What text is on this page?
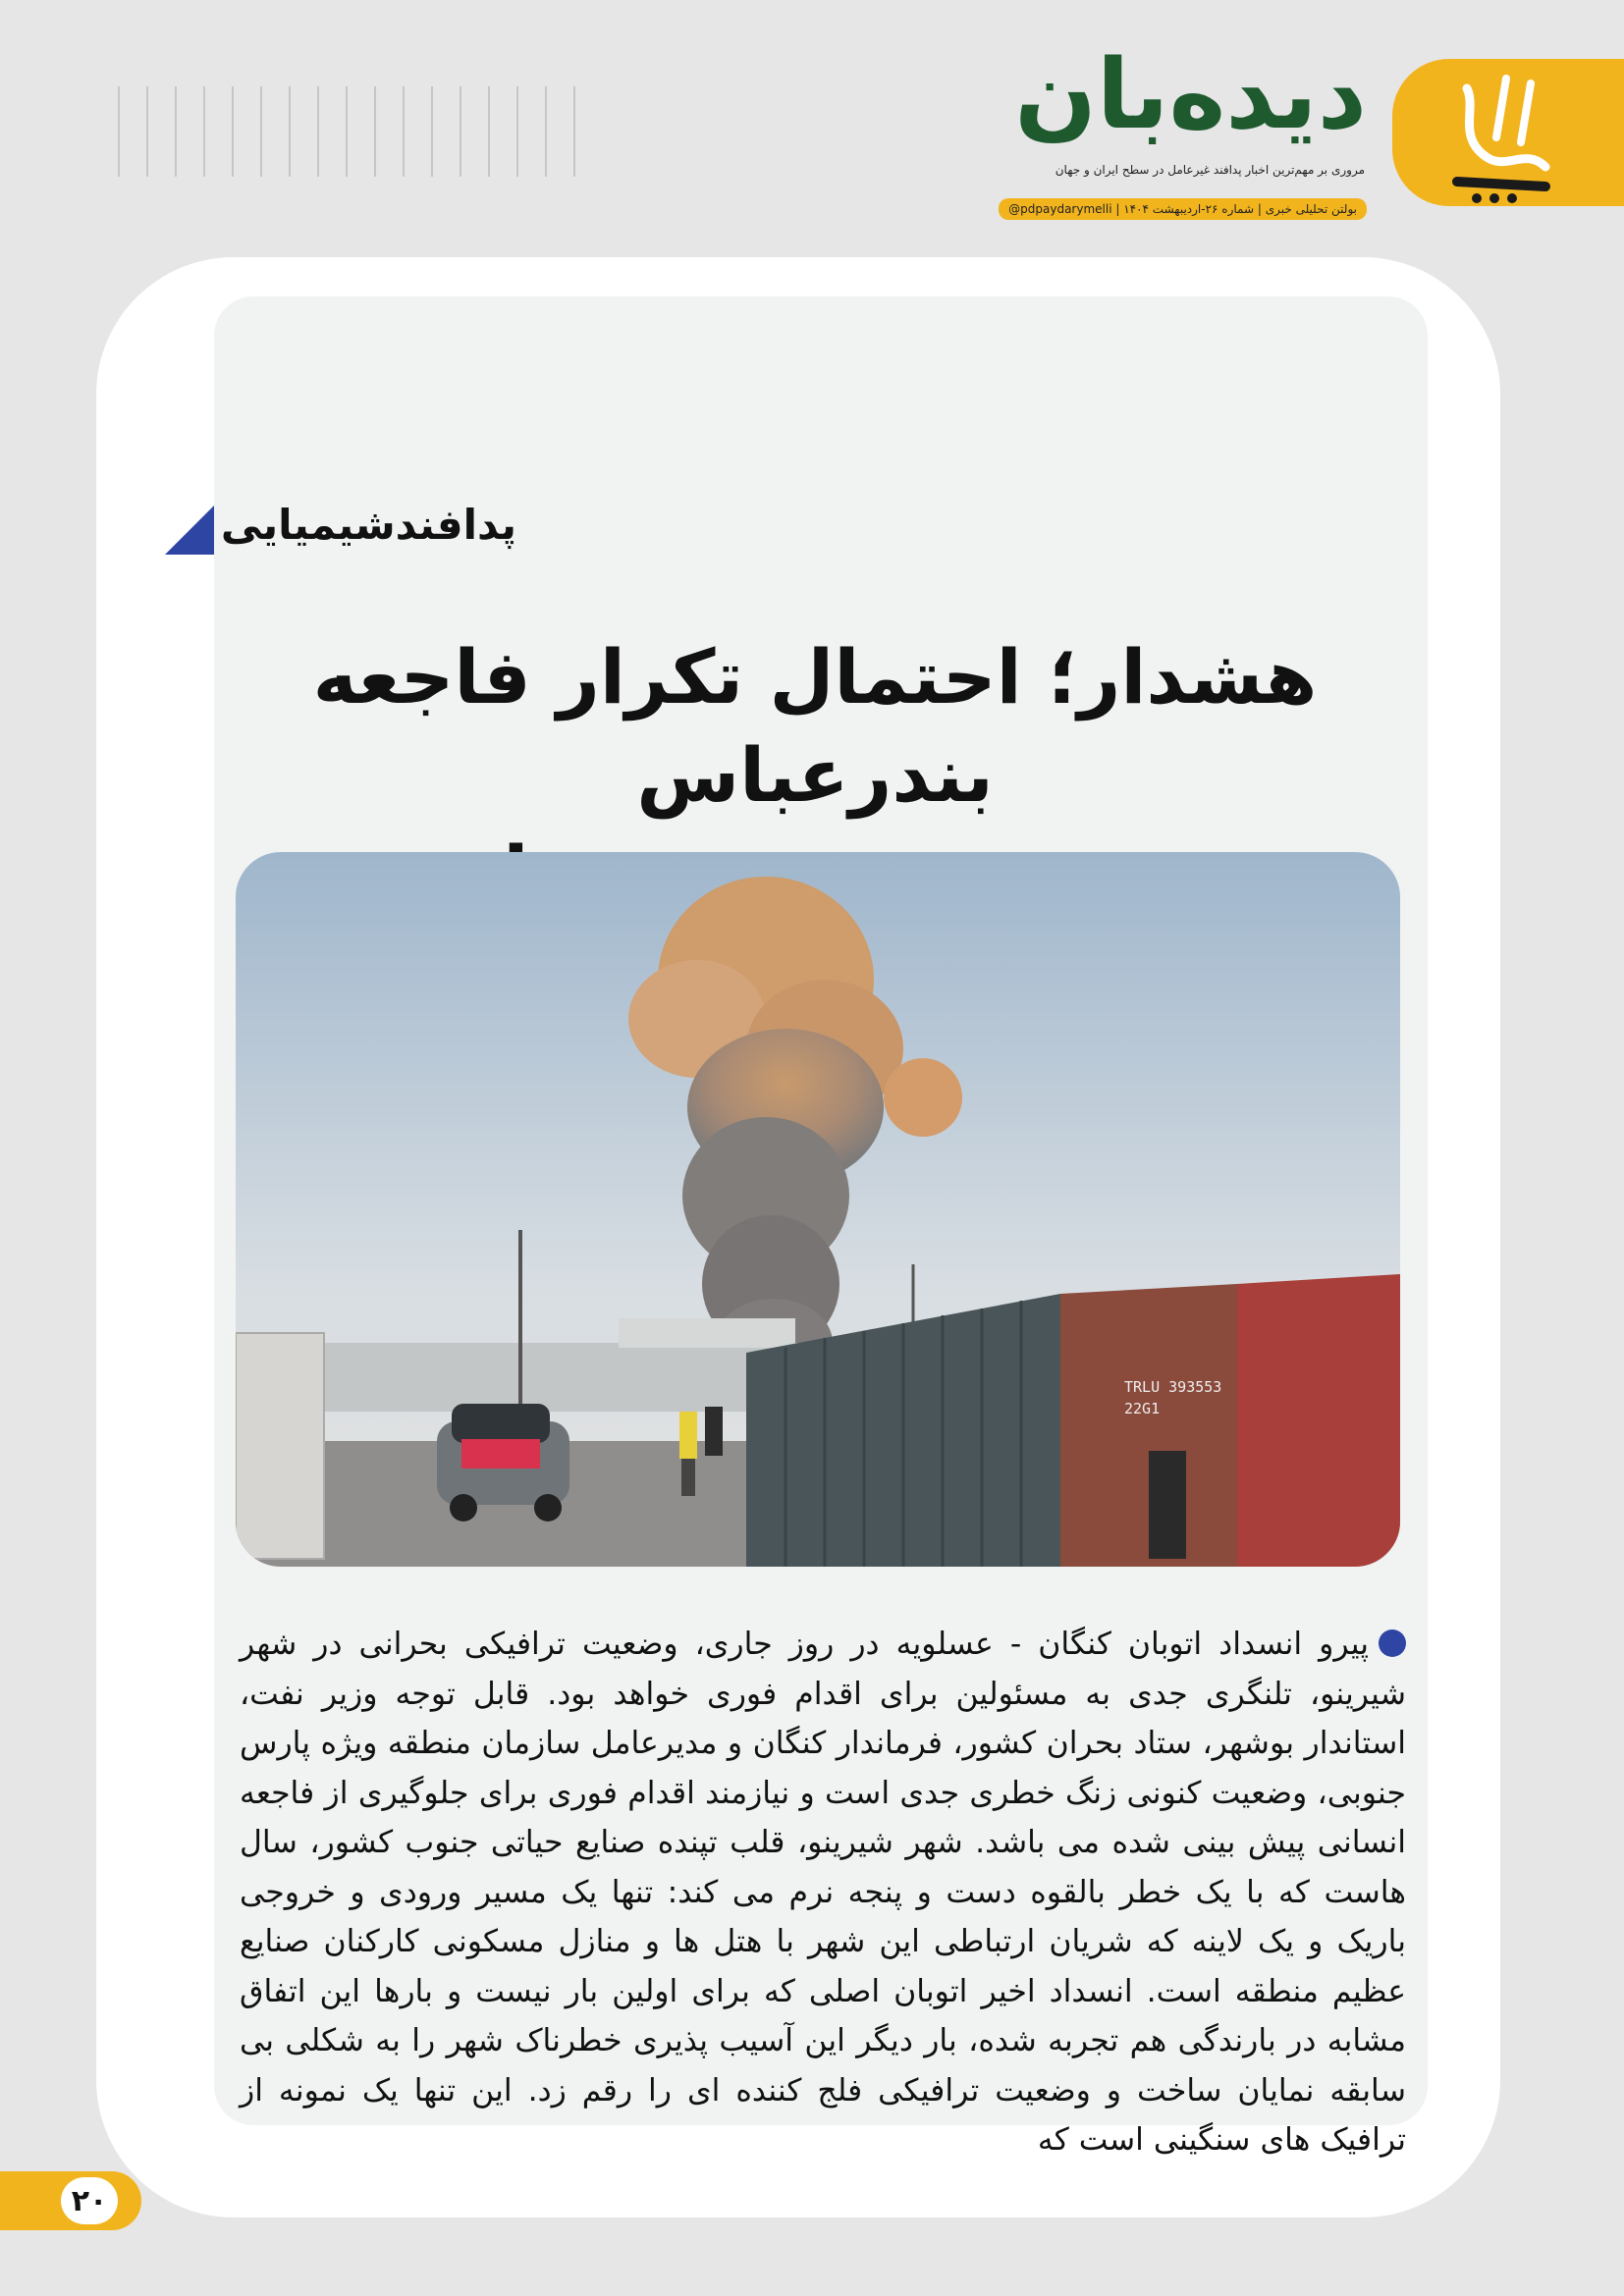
دیده‌بان
مروری بر مهم‌ترین اخبار پدافند غیرعامل در سطح ایران و جهان
بولتن تحلیلی خبری | شماره ۲۶-اردیبهشت ۱۴۰۴ | pdpaydarymelli@
پدافندشیمیایی
هشدار؛ احتمال تکرار فاجعه بندرعباس
TRLU 393553
22G1
پیرو انسداد اتوبان کنگان - عسلویه در روز جاری، وضعیت ترافیکی بحرانی در شهر شیرینو، تلنگری جدی به مسئولین برای اقدام فوری خواهد بود. قابل توجه وزیر نفت، استاندار بوشهر، ستاد بحران کشور، فرماندار کنگان و مدیرعامل سازمان منطقه ویژه پارس جنوبی، وضعیت کنونی زنگ خطری جدی است و نیازمند اقدام فوری برای جلوگیری از فاجعه انسانی پیش بینی شده می باشد. شهر شیرینو، قلب تپنده صنایع حیاتی جنوب کشور، سال هاست که با یک خطر بالقوه دست و پنجه نرم می کند: تنها یک مسیر ورودی و خروجی باریک و یک لاینه که شریان ارتباطی این شهر با هتل ها و منازل مسکونی کارکنان صنایع عظیم منطقه است. انسداد اخیر اتوبان اصلی که برای اولین بار نیست و بارها این اتفاق مشابه در بارندگی هم تجربه شده، بار دیگر این آسیب پذیری خطرناک شهر را به شکلی بی سابقه نمایان ساخت و وضعیت ترافیکی فلج کننده ای را رقم زد. این تنها یک نمونه از ترافیک های سنگینی است که
۲۰
